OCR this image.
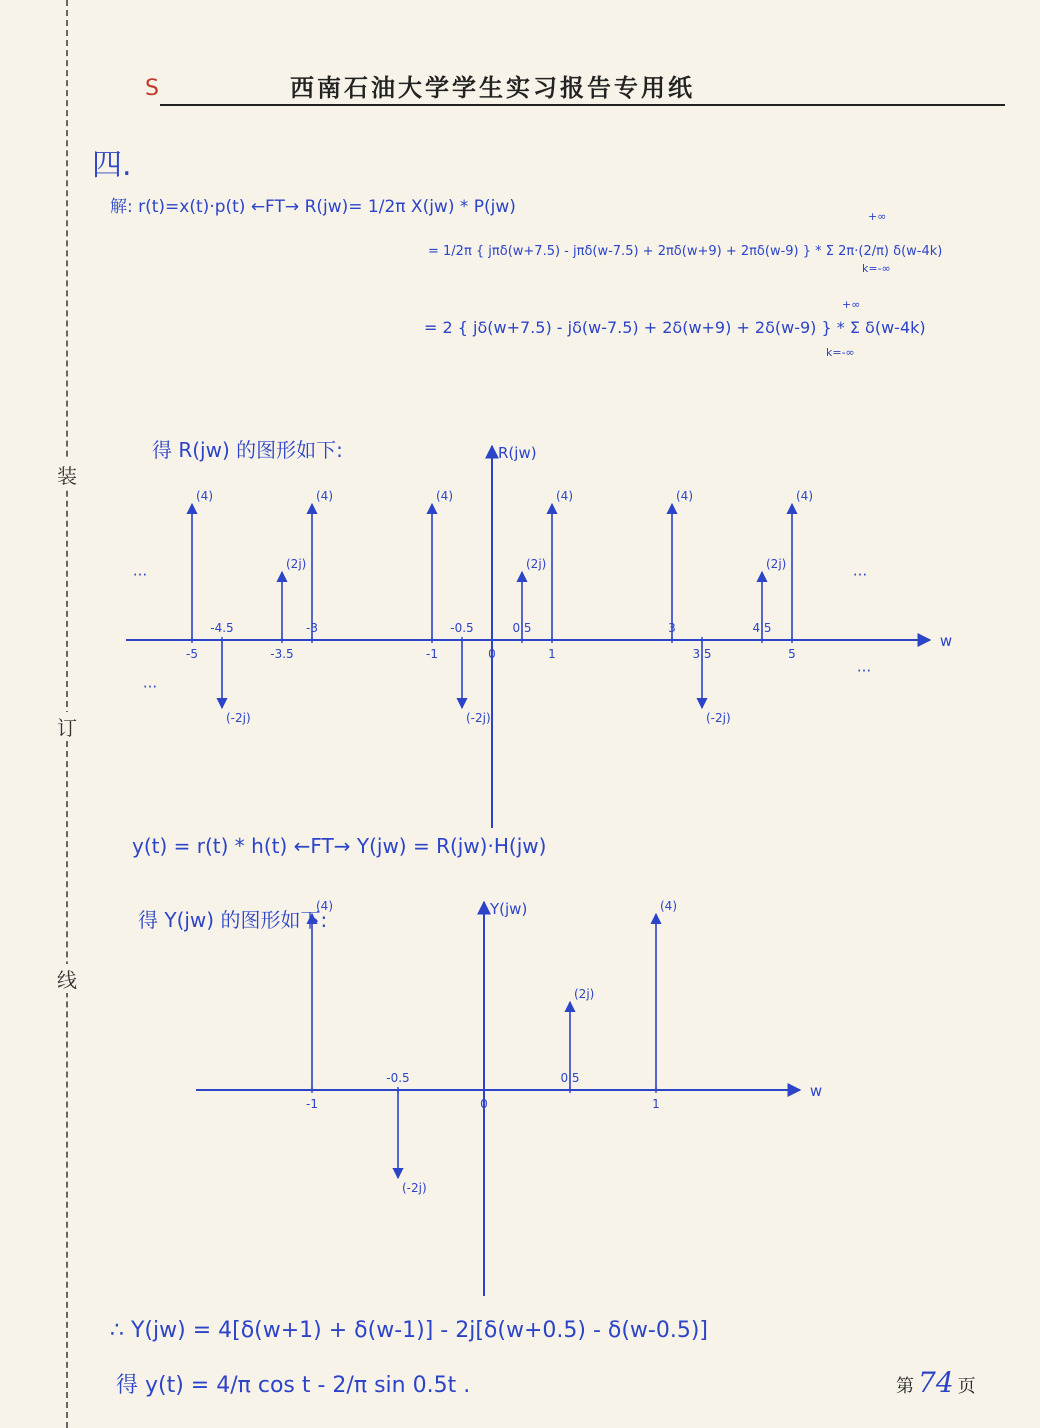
装
订
线
S	西南石油大学学生实习报告专用纸
四.
解: r(t)=x(t)·p(t) ←FT→ R(jw)= 1/2π X(jw) * P(jw)
= 1/2π { jπδ(w+7.5) - jπδ(w-7.5) + 2πδ(w+9) + 2πδ(w-9) } * Σ 2π·(2/π) δ(w-4k)
= 2 { jδ(w+7.5) - jδ(w-7.5) + 2δ(w+9) + 2δ(w-9) } * Σ δ(w-4k)
+∞
k=-∞
+∞
k=-∞
得 R(jw) 的图形如下:
w
R(jw)
(4)
(-2j)
(2j)
(4)	(4)
(-2j)
(2j)
(4)	(4)
(-2j)
(2j)
(4)
-5
-4.5
-3.5
-3
-1
-0.5
0
0.5
1
3
3.5
4.5
5
···	···
···
···
w
Y(jw)
(4)
(-2j)
(2j)
(4)
-1
-0.5
0
0.5
1
y(t) = r(t) * h(t) ←FT→ Y(jw) = R(jw)·H(jw)
得 Y(jw) 的图形如下:
∴ Y(jw) = 4[δ(w+1) + δ(w-1)] - 2j[δ(w+0.5) - δ(w-0.5)]
得 y(t) = 4/π cos t - 2/π sin 0.5t .	第 74 页
